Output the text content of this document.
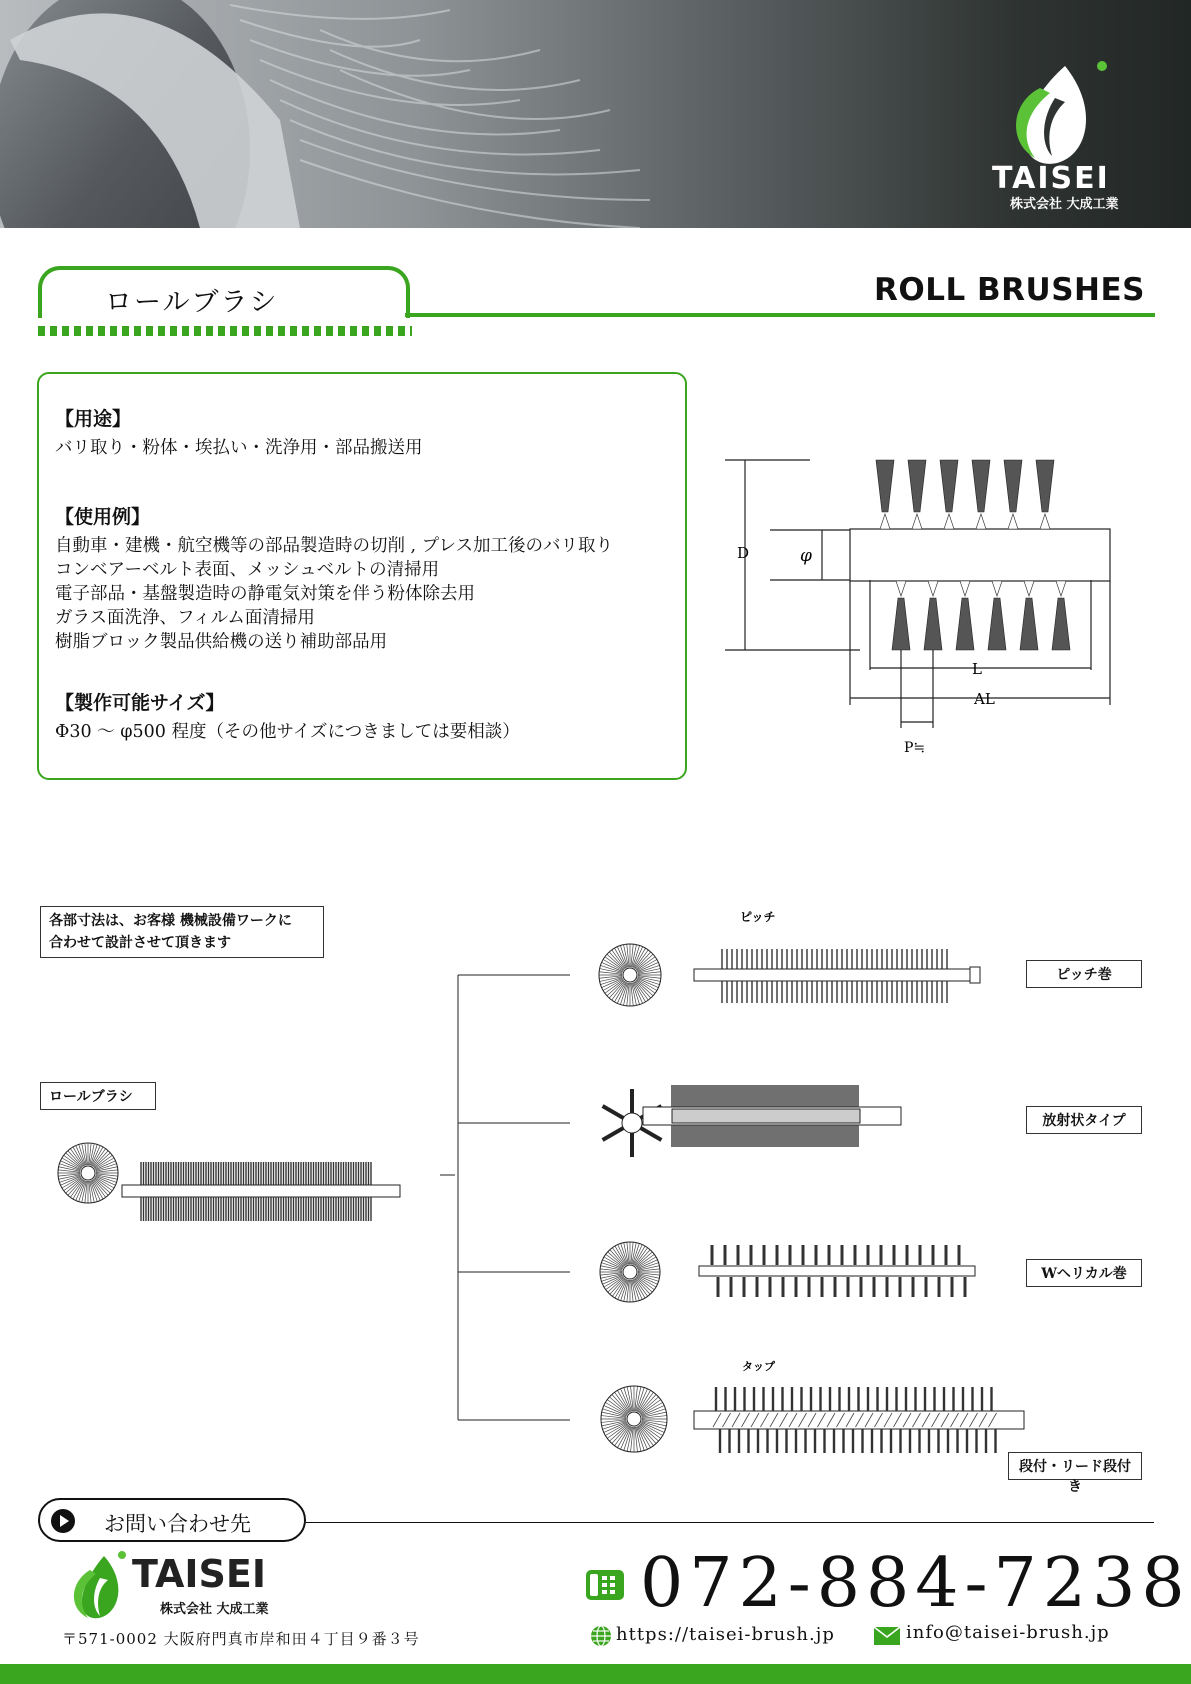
TAISEI
株式会社 大成工業
ロールブラシ	ROLL BRUSHES
【用途】
バリ取り・粉体・埃払い・洗浄用・部品搬送用
【使用例】
自動車・建機・航空機等の部品製造時の切削 , プレス加工後のバリ取り
コンベアーベルト表面、メッシュベルトの清掃用
電子部品・基盤製造時の静電気対策を伴う粉体除去用
ガラス面洗浄、フィルム面清掃用
樹脂ブロック製品供給機の送り補助部品用
【製作可能サイズ】
Φ30 ～ φ500 程度（その他サイズにつきましては要相談）
D	φ
L
AL
P≒
各部寸法は、お客様 機械設備ワークに
合わせて設計させて頂きます
ロールブラシ
ピッチ
タップ
ピッチ巻
放射状タイプ
Wヘリカル巻
段付・リード段付き
お問い合わせ先
TAISEI
株式会社 大成工業
〒571-0002 大阪府門真市岸和田４丁目９番３号
072-884-7238
https://taisei-brush.jp	info@taisei-brush.jp
